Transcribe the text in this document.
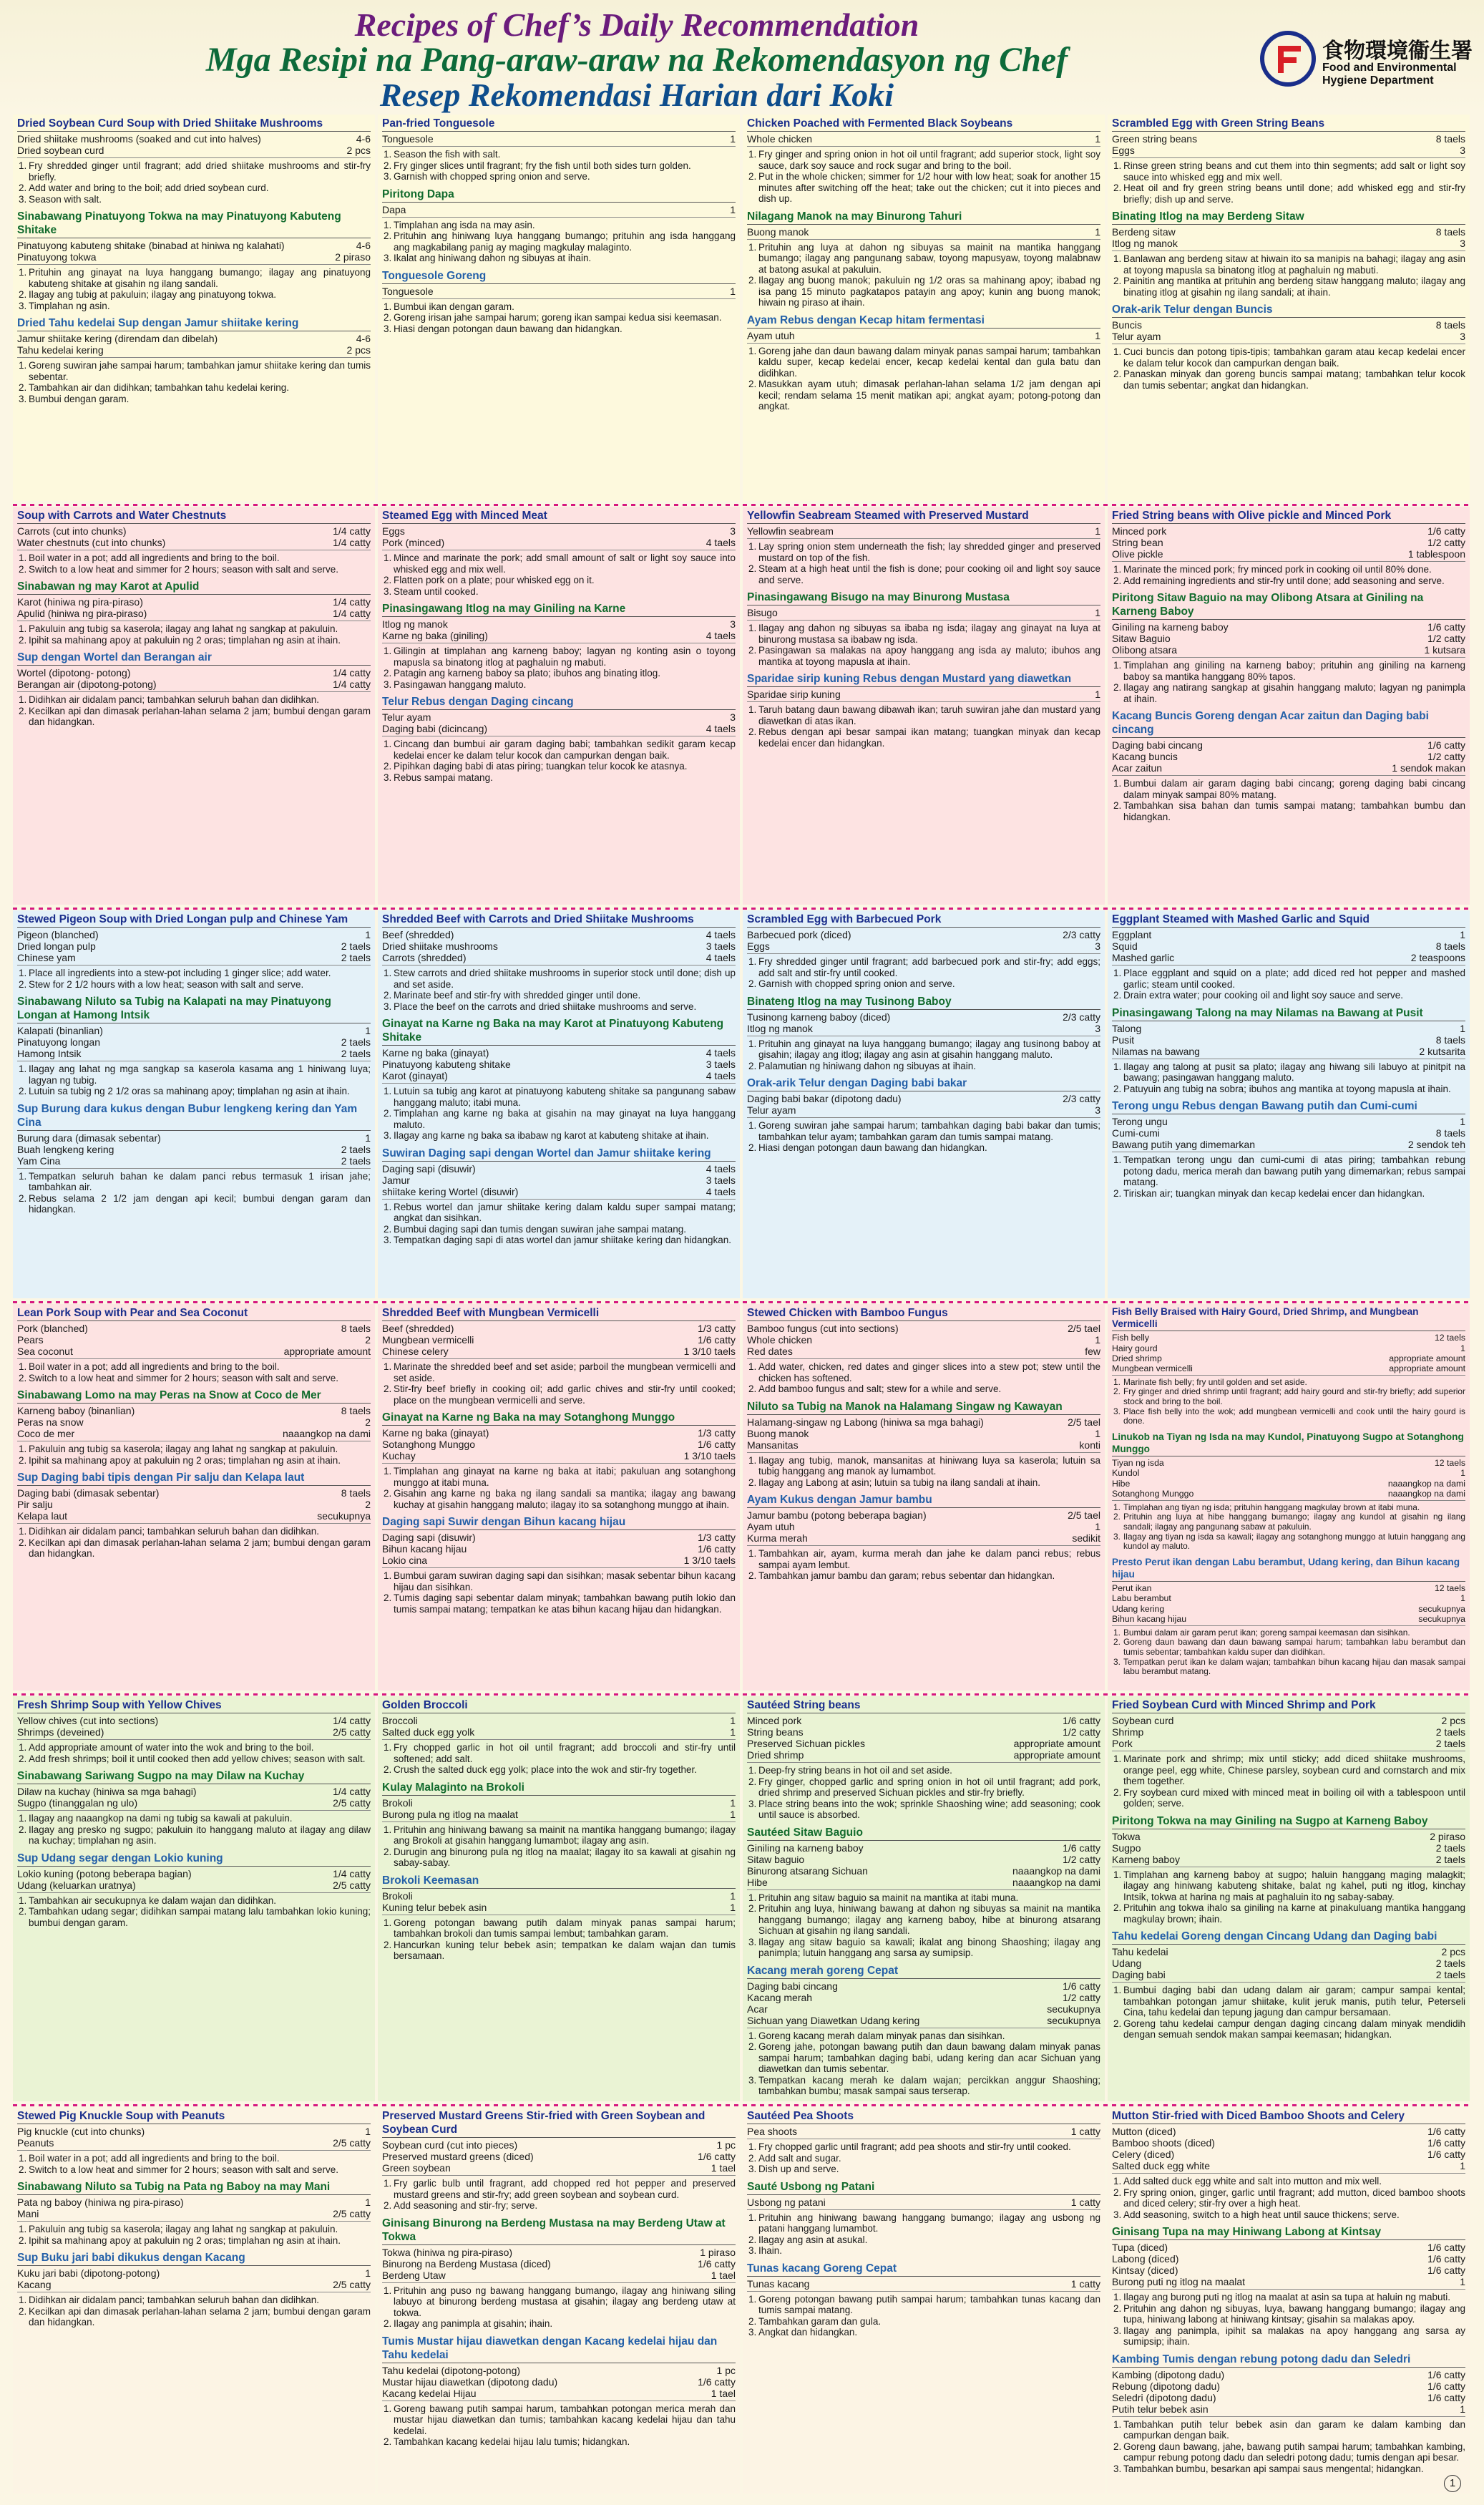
Recipes of Chef’s Daily Recommendation
Mga Resipi na Pang-araw-araw na Rekomendasyon ng Chef
Resep Rekomendasi Harian dari Koki
食物環境衞生署
Food and Environmental
Hygiene Department
Dried Soybean Curd Soup with Dried Shiitake Mushrooms
Dried shiitake mushrooms (soaked and cut into halves)	4-6
Dried soybean curd	2 pcs
1. Fry shredded ginger until fragrant; add dried shiitake mushrooms and stir-fry briefly.
2. Add water and bring to the boil; add dried soybean curd.
3. Season with salt.
Sinabawang Pinatuyong Tokwa na may Pinatuyong Kabuteng Shitake
Pinatuyong kabuteng shitake (binabad at hiniwa ng kalahati)	4-6
Pinatuyong tokwa	2 piraso
1. Prituhin ang ginayat na luya hanggang bumango; ilagay ang pinatuyong kabuteng shitake at gisahin ng ilang sandali.
2. Ilagay ang tubig at pakuluin; ilagay ang pinatuyong tokwa.
3. Timplahan ng asin.
Dried Tahu kedelai Sup dengan Jamur shiitake kering
Jamur shiitake kering (direndam dan dibelah)	4-6
Tahu kedelai kering	2 pcs
1. Goreng suwiran jahe sampai harum; tambahkan jamur shiitake kering dan tumis sebentar.
2. Tambahkan air dan didihkan; tambahkan tahu kedelai kering.
3. Bumbui dengan garam.
Pan-fried Tonguesole
Tonguesole	1
1. Season the fish with salt.
2. Fry ginger slices until fragrant; fry the fish until both sides turn golden.
3. Garnish with chopped spring onion and serve.
Piritong Dapa
Dapa	1
1. Timplahan ang isda na may asin.
2. Prituhin ang hiniwang luya hanggang bumango; prituhin ang isda hanggang ang magkabilang panig ay maging magkulay malaginto.
3. Ikalat ang hiniwang dahon ng sibuyas at ihain.
Tonguesole Goreng
Tonguesole	1
1. Bumbui ikan dengan garam.
2. Goreng irisan jahe sampai harum; goreng ikan sampai kedua sisi keemasan.
3. Hiasi dengan potongan daun bawang dan hidangkan.
Chicken Poached with Fermented Black Soybeans
Whole chicken	1
1. Fry ginger and spring onion in hot oil until fragrant; add superior stock, light soy sauce, dark soy sauce and rock sugar and bring to the boil.
2. Put in the whole chicken; simmer for 1/2 hour with low heat; soak for another 15 minutes after switching off the heat; take out the chicken; cut it into pieces and dish up.
Nilagang Manok na may Binurong Tahuri
Buong manok	1
1. Prituhin ang luya at dahon ng sibuyas sa mainit na mantika hanggang bumango; ilagay ang pangunang sabaw, toyong mapusyaw, toyong malabnaw at batong asukal at pakuluin.
2. Ilagay ang buong manok; pakuluin ng 1/2 oras sa mahinang apoy; ibabad ng isa pang 15 minuto pagkatapos patayin ang apoy; kunin ang buong manok; hiwain ng piraso at ihain.
Ayam Rebus dengan Kecap hitam fermentasi
Ayam utuh	1
1. Goreng jahe dan daun bawang dalam minyak panas sampai harum; tambahkan kaldu super, kecap kedelai encer, kecap kedelai kental dan gula batu dan didihkan.
2. Masukkan ayam utuh; dimasak perlahan-lahan selama 1/2 jam dengan api kecil; rendam selama 15 menit matikan api; angkat ayam; potong-potong dan angkat.
Scrambled Egg with Green String Beans
Green string beans	8 taels
Eggs	3
1. Rinse green string beans and cut them into thin segments; add salt or light soy sauce into whisked egg and mix well.
2. Heat oil and fry green string beans until done; add whisked egg and stir-fry briefly; dish up and serve.
Binating Itlog na may Berdeng Sitaw
Berdeng sitaw	8 taels
Itlog ng manok	3
1. Banlawan ang berdeng sitaw at hiwain ito sa manipis na bahagi; ilagay ang asin at toyong mapusla sa binatong itlog at paghaluin ng mabuti.
2. Painitin ang mantika at prituhin ang berdeng sitaw hanggang maluto; ilagay ang binating itlog at gisahin ng ilang sandali; at ihain.
Orak-arik Telur dengan Buncis
Buncis	8 taels
Telur ayam	3
1. Cuci buncis dan potong tipis-tipis; tambahkan garam atau kecap kedelai encer ke dalam telur kocok dan campurkan dengan baik.
2. Panaskan minyak dan goreng buncis sampai matang; tambahkan telur kocok dan tumis sebentar; angkat dan hidangkan.
Soup with Carrots and Water Chestnuts
Carrots (cut into chunks)	1/4 catty
Water chestnuts (cut into chunks)	1/4 catty
1. Boil water in a pot; add all ingredients and bring to the boil.
2. Switch to a low heat and simmer for 2 hours; season with salt and serve.
Sinabawan ng may Karot at Apulid
Karot (hiniwa ng pira-piraso)	1/4 catty
Apulid (hiniwa ng pira-piraso)	1/4 catty
1. Pakuluin ang tubig sa kaserola; ilagay ang lahat ng sangkap at pakuluin.
2. Ipihit sa mahinang apoy at pakuluin ng 2 oras; timplahan ng asin at ihain.
Sup dengan Wortel dan Berangan air
Wortel (dipotong- potong)	1/4 catty
Berangan air (dipotong-potong)	1/4 catty
1. Didihkan air didalam panci; tambahkan seluruh bahan dan didihkan.
2. Kecilkan api dan dimasak perlahan-lahan selama 2 jam; bumbui dengan garam dan hidangkan.
Steamed Egg with Minced Meat
Eggs	3
Pork (minced)	4 taels
1. Mince and marinate the pork; add small amount of salt or light soy sauce into whisked egg and mix well.
2. Flatten pork on a plate; pour whisked egg on it.
3. Steam until cooked.
Pinasingawang Itlog na may Giniling na Karne
Itlog ng manok	3
Karne ng baka (giniling)	4 taels
1. Gilingin at timplahan ang karneng baboy; lagyan ng konting asin o toyong mapusla sa binatong itlog at paghaluin ng mabuti.
2. Patagin ang karneng baboy sa plato; ibuhos ang binating itlog.
3. Pasingawan hanggang maluto.
Telur Rebus dengan Daging cincang
Telur ayam	3
Daging babi (dicincang)	4 taels
1. Cincang dan bumbui air garam daging babi; tambahkan sedikit garam kecap kedelai encer ke dalam telur kocok dan campurkan dengan baik.
2. Pipihkan daging babi di atas piring; tuangkan telur kocok ke atasnya.
3. Rebus sampai matang.
Yellowfin Seabream Steamed with Preserved Mustard
Yellowfin seabream	1
1. Lay spring onion stem underneath the fish; lay shredded ginger and preserved mustard on top of the fish.
2. Steam at a high heat until the fish is done; pour cooking oil and light soy sauce and serve.
Pinasingawang Bisugo na may Binurong Mustasa
Bisugo	1
1. Ilagay ang dahon ng sibuyas sa ibaba ng isda; ilagay ang ginayat na luya at binurong mustasa sa ibabaw ng isda.
2. Pasingawan sa malakas na apoy hanggang ang isda ay maluto; ibuhos ang mantika at toyong mapusla at ihain.
Sparidae sirip kuning Rebus dengan Mustard yang diawetkan
Sparidae sirip kuning	1
1. Taruh batang daun bawang dibawah ikan; taruh suwiran jahe dan mustard yang diawetkan di atas ikan.
2. Rebus dengan api besar sampai ikan matang; tuangkan minyak dan kecap kedelai encer dan hidangkan.
Fried String beans with Olive pickle and Minced Pork
Minced pork	1/6 catty
String bean	1/2 catty
Olive pickle	1 tablespoon
1. Marinate the minced pork; fry minced pork in cooking oil until 80% done.
2. Add remaining ingredients and stir-fry until done; add seasoning and serve.
Piritong Sitaw Baguio na may Olibong Atsara at Giniling na Karneng Baboy
Giniling na karneng baboy	1/6 catty
Sitaw Baguio	1/2 catty
Olibong atsara	1 kutsara
1. Timplahan ang giniling na karneng baboy; prituhin ang giniling na karneng baboy sa mantika hanggang 80% tapos.
2. Ilagay ang natirang sangkap at gisahin hanggang maluto; lagyan ng panimpla at ihain.
Kacang Buncis Goreng dengan Acar zaitun dan Daging babi cincang
Daging babi cincang	1/6 catty
Kacang buncis	1/2 catty
Acar zaitun	1 sendok makan
1. Bumbui dalam air garam daging babi cincang; goreng daging babi cincang dalam minyak sampai 80% matang.
2. Tambahkan sisa bahan dan tumis sampai matang; tambahkan bumbu dan hidangkan.
Stewed Pigeon Soup with Dried Longan pulp and Chinese Yam
Pigeon (blanched)	1
Dried longan pulp	2 taels
Chinese yam	2 taels
1. Place all ingredients into a stew-pot including 1 ginger slice; add water.
2. Stew for 2 1/2 hours with a low heat; season with salt and serve.
Sinabawang Niluto sa Tubig na Kalapati na may Pinatuyong Longan at Hamong Intsik
Kalapati (binanlian)	1
Pinatuyong longan	2 taels
Hamong Intsik	2 taels
1. Ilagay ang lahat ng mga sangkap sa kaserola kasama ang 1 hiniwang luya; lagyan ng tubig.
2. Lutuin sa tubig ng 2 1/2 oras sa mahinang apoy; timplahan ng asin at ihain.
Sup Burung dara kukus dengan Bubur lengkeng kering dan Yam Cina
Burung dara (dimasak sebentar)	1
Buah lengkeng kering	2 taels
Yam Cina	2 taels
1. Tempatkan seluruh bahan ke dalam panci rebus termasuk 1 irisan jahe; tambahkan air.
2. Rebus selama 2 1/2 jam dengan api kecil; bumbui dengan garam dan hidangkan.
Shredded Beef with Carrots and Dried Shiitake Mushrooms
Beef (shredded)	4 taels
Dried shiitake mushrooms	3 taels
Carrots (shredded)	4 taels
1. Stew carrots and dried shiitake mushrooms in superior stock until done; dish up and set aside.
2. Marinate beef and stir-fry with shredded ginger until done.
3. Place the beef on the carrots and dried shiitake mushrooms and serve.
Ginayat na Karne ng Baka na may Karot at Pinatuyong Kabuteng Shitake
Karne ng baka (ginayat)	4 taels
Pinatuyong kabuteng shitake	3 taels
Karot (ginayat)	4 taels
1. Lutuin sa tubig ang karot at pinatuyong kabuteng shitake sa pangunang sabaw hanggang maluto; itabi muna.
2. Timplahan ang karne ng baka at gisahin na may ginayat na luya hanggang maluto.
3. Ilagay ang karne ng baka sa ibabaw ng karot at kabuteng shitake at ihain.
Suwiran Daging sapi dengan Wortel dan Jamur shiitake kering
Daging sapi (disuwir)	4 taels
Jamur	3 taels
shiitake kering Wortel (disuwir)	4 taels
1. Rebus wortel dan jamur shiitake kering dalam kaldu super sampai matang; angkat dan sisihkan.
2. Bumbui daging sapi dan tumis dengan suwiran jahe sampai matang.
3. Tempatkan daging sapi di atas wortel dan jamur shiitake kering dan hidangkan.
Scrambled Egg with Barbecued Pork
Barbecued pork (diced)	2/3 catty
Eggs	3
1. Fry shredded ginger until fragrant; add barbecued pork and stir-fry; add eggs; add salt and stir-fry until cooked.
2. Garnish with chopped spring onion and serve.
Binateng Itlog na may Tusinong Baboy
Tusinong karneng baboy (diced)	2/3 catty
Itlog ng manok	3
1. Prituhin ang ginayat na luya hanggang bumango; ilagay ang tusinong baboy at gisahin; ilagay ang itlog; ilagay ang asin at gisahin hanggang maluto.
2. Palamutian ng hiniwang dahon ng sibuyas at ihain.
Orak-arik Telur dengan Daging babi bakar
Daging babi bakar (dipotong dadu)	2/3 catty
Telur ayam	3
1. Goreng suwiran jahe sampai harum; tambahkan daging babi bakar dan tumis; tambahkan telur ayam; tambahkan garam dan tumis sampai matang.
2. Hiasi dengan potongan daun bawang dan hidangkan.
Eggplant Steamed with Mashed Garlic and Squid
Eggplant	1
Squid	8 taels
Mashed garlic	2 teaspoons
1. Place eggplant and squid on a plate; add diced red hot pepper and mashed garlic; steam until cooked.
2. Drain extra water; pour cooking oil and light soy sauce and serve.
Pinasingawang Talong na may Nilamas na Bawang at Pusit
Talong	1
Pusit	8 taels
Nilamas na bawang	2 kutsarita
1. Ilagay ang talong at pusit sa plato; ilagay ang hiwang sili labuyo at pinitpit na bawang; pasingawan hanggang maluto.
2. Patuyuin ang tubig na sobra; ibuhos ang mantika at toyong mapusla at ihain.
Terong ungu Rebus dengan Bawang putih dan Cumi-cumi
Terong ungu	1
Cumi-cumi	8 taels
Bawang putih yang dimemarkan	2 sendok teh
1. Tempatkan terong ungu dan cumi-cumi di atas piring; tambahkan rebung potong dadu, merica merah dan bawang putih yang dimemarkan; rebus sampai matang.
2. Tiriskan air; tuangkan minyak dan kecap kedelai encer dan hidangkan.
Lean Pork Soup with Pear and Sea Coconut
Pork (blanched)	8 taels
Pears	2
Sea coconut	appropriate amount
1. Boil water in a pot; add all ingredients and bring to the boil.
2. Switch to a low heat and simmer for 2 hours; season with salt and serve.
Sinabawang Lomo na may Peras na Snow at Coco de Mer
Karneng baboy (binanlian)	8 taels
Peras na snow	2
Coco de mer	naaangkop na dami
1. Pakuluin ang tubig sa kaserola; ilagay ang lahat ng sangkap at pakuluin.
2. Ipihit sa mahinang apoy at pakuluin ng 2 oras; timplahan ng asin at ihain.
Sup Daging babi tipis dengan Pir salju dan Kelapa laut
Daging babi (dimasak sebentar)	8 taels
Pir salju	2
Kelapa laut	secukupnya
1. Didihkan air didalam panci; tambahkan seluruh bahan dan didihkan.
2. Kecilkan api dan dimasak perlahan-lahan selama 2 jam; bumbui dengan garam dan hidangkan.
Shredded Beef with Mungbean Vermicelli
Beef (shredded)	1/3 catty
Mungbean vermicelli	1/6 catty
Chinese celery	1 3/10 taels
1. Marinate the shredded beef and set aside; parboil the mungbean vermicelli and set aside.
2. Stir-fry beef briefly in cooking oil; add garlic chives and stir-fry until cooked; place on the mungbean vermicelli and serve.
Ginayat na Karne ng Baka na may Sotanghong Munggo
Karne ng baka (ginayat)	1/3 catty
Sotanghong Munggo	1/6 catty
Kuchay	1 3/10 taels
1. Timplahan ang ginayat na karne ng baka at itabi; pakuluan ang sotanghong munggo at itabi muna.
2. Gisahin ang karne ng baka ng ilang sandali sa mantika; ilagay ang bawang kuchay at gisahin hanggang maluto; ilagay ito sa sotanghong munggo at ihain.
Daging sapi Suwir dengan Bihun kacang hijau
Daging sapi (disuwir)	1/3 catty
Bihun kacang hijau	1/6 catty
Lokio cina	1 3/10 taels
1. Bumbui garam suwiran daging sapi dan sisihkan; masak sebentar bihun kacang hijau dan sisihkan.
2. Tumis daging sapi sebentar dalam minyak; tambahkan bawang putih lokio dan tumis sampai matang; tempatkan ke atas bihun kacang hijau dan hidangkan.
Stewed Chicken with Bamboo Fungus
Bamboo fungus (cut into sections)	2/5 tael
Whole chicken	1
Red dates	few
1. Add water, chicken, red dates and ginger slices into a stew pot; stew until the chicken has softened.
2. Add bamboo fungus and salt; stew for a while and serve.
Niluto sa Tubig na Manok na Halamang Singaw ng Kawayan
Halamang-singaw ng Labong (hiniwa sa mga bahagi)	2/5 tael
Buong manok	1
Mansanitas	konti
1. Ilagay ang tubig, manok, mansanitas at hiniwang luya sa kaserola; lutuin sa tubig hanggang ang manok ay lumambot.
2. Ilagay ang Labong at asin; lutuin sa tubig na ilang sandali at ihain.
Ayam Kukus dengan Jamur bambu
Jamur bambu (potong beberapa bagian)	2/5 tael
Ayam utuh	1
Kurma merah	sedikit
1. Tambahkan air, ayam, kurma merah dan jahe ke dalam panci rebus; rebus sampai ayam lembut.
2. Tambahkan jamur bambu dan garam; rebus sebentar dan hidangkan.
Fish Belly Braised with Hairy Gourd, Dried Shrimp, and Mungbean Vermicelli
Fish belly	12 taels
Hairy gourd	1
Dried shrimp	appropriate amount
Mungbean vermicelli	appropriate amount
1. Marinate fish belly; fry until golden and set aside.
2. Fry ginger and dried shrimp until fragrant; add hairy gourd and stir-fry briefly; add superior stock and bring to the boil.
3. Place fish belly into the wok; add mungbean vermicelli and cook until the hairy gourd is done.
Linukob na Tiyan ng Isda na may Kundol, Pinatuyong Sugpo at Sotanghong Munggo
Tiyan ng isda	12 taels
Kundol	1
Hibe	naaangkop na dami
Sotanghong Munggo	naaangkop na dami
1. Timplahan ang tiyan ng isda; prituhin hanggang magkulay brown at itabi muna.
2. Prituhin ang luya at hibe hanggang bumango; ilagay ang kundol at gisahin ng ilang sandali; ilagay ang pangunang sabaw at pakuluin.
3. Ilagay ang tiyan ng isda sa kawali; ilagay ang sotanghong munggo at lutuin hanggang ang kundol ay maluto.
Presto Perut ikan dengan Labu berambut, Udang kering, dan Bihun kacang hijau
Perut ikan	12 taels
Labu berambut	1
Udang kering	secukupnya
Bihun kacang hijau	secukupnya
1. Bumbui dalam air garam perut ikan; goreng sampai keemasan dan sisihkan.
2. Goreng daun bawang dan daun bawang sampai harum; tambahkan labu berambut dan tumis sebentar; tambahkan kaldu super dan didihkan.
3. Tempatkan perut ikan ke dalam wajan; tambahkan bihun kacang hijau dan masak sampai labu berambut matang.
Fresh Shrimp Soup with Yellow Chives
Yellow chives (cut into sections)	1/4 catty
Shrimps (deveined)	2/5 catty
1. Add appropriate amount of water into the wok and bring to the boil.
2. Add fresh shrimps; boil it until cooked then add yellow chives; season with salt.
Sinabawang Sariwang Sugpo na may Dilaw na Kuchay
Dilaw na kuchay (hiniwa sa mga bahagi)	1/4 catty
Sugpo (tinanggalan ng ulo)	2/5 catty
1. Ilagay ang naaangkop na dami ng tubig sa kawali at pakuluin.
2. Ilagay ang presko ng sugpo; pakuluin ito hanggang maluto at ilagay ang dilaw na kuchay; timplahan ng asin.
Sup Udang segar dengan Lokio kuning
Lokio kuning (potong beberapa bagian)	1/4 catty
Udang (keluarkan uratnya)	2/5 catty
1. Tambahkan air secukupnya ke dalam wajan dan didihkan.
2. Tambahkan udang segar; didihkan sampai matang lalu tambahkan lokio kuning; bumbui dengan garam.
Golden Broccoli
Broccoli	1
Salted duck egg yolk	1
1. Fry chopped garlic in hot oil until fragrant; add broccoli and stir-fry until softened; add salt.
2. Crush the salted duck egg yolk; place into the wok and stir-fry together.
Kulay Malaginto na Brokoli
Brokoli	1
Burong pula ng itlog na maalat	1
1. Prituhin ang hiniwang bawang sa mainit na mantika hanggang bumango; ilagay ang Brokoli at gisahin hanggang lumambot; ilagay ang asin.
2. Durugin ang binurong pula ng itlog na maalat; ilagay ito sa kawali at gisahin ng sabay-sabay.
Brokoli Keemasan
Brokoli	1
Kuning telur bebek asin	1
1. Goreng potongan bawang putih dalam minyak panas sampai harum; tambahkan brokoli dan tumis sampai lembut; tambahkan garam.
2. Hancurkan kuning telur bebek asin; tempatkan ke dalam wajan dan tumis bersamaan.
Sautéed String beans
Minced pork	1/6 catty
String beans	1/2 catty
Preserved Sichuan pickles	appropriate amount
Dried shrimp	appropriate amount
1. Deep-fry string beans in hot oil and set aside.
2. Fry ginger, chopped garlic and spring onion in hot oil until fragrant; add pork, dried shrimp and preserved Sichuan pickles and stir-fry briefly.
3. Place string beans into the wok; sprinkle Shaoshing wine; add seasoning; cook until sauce is absorbed.
Sautéed Sitaw Baguio
Giniling na karneng baboy	1/6 catty
Sitaw baguio	1/2 catty
Binurong atsarang Sichuan	naaangkop na dami
Hibe	naaangkop na dami
1. Prituhin ang sitaw baguio sa mainit na mantika at itabi muna.
2. Prituhin ang luya, hiniwang bawang at dahon ng sibuyas sa mainit na mantika hanggang bumango; ilagay ang karneng baboy, hibe at binurong atsarang Sichuan at gisahin ng ilang sandali.
3. Ilagay ang sitaw baguio sa kawali; ikalat ang binong Shaoshing; ilagay ang panimpla; lutuin hanggang ang sarsa ay sumipsip.
Kacang merah goreng Cepat
Daging babi cincang	1/6 catty
Kacang merah	1/2 catty
Acar	secukupnya
Sichuan yang Diawetkan Udang kering	secukupnya
1. Goreng kacang merah dalam minyak panas dan sisihkan.
2. Goreng jahe, potongan bawang putih dan daun bawang dalam minyak panas sampai harum; tambahkan daging babi, udang kering dan acar Sichuan yang diawetkan dan tumis sebentar.
3. Tempatkan kacang merah ke dalam wajan; percikkan anggur Shaoshing; tambahkan bumbu; masak sampai saus terserap.
Fried Soybean Curd with Minced Shrimp and Pork
Soybean curd	2 pcs
Shrimp	2 taels
Pork	2 taels
1. Marinate pork and shrimp; mix until sticky; add diced shiitake mushrooms, orange peel, egg white, Chinese parsley, soybean curd and cornstarch and mix them together.
2. Fry soybean curd mixed with minced meat in boiling oil with a tablespoon until golden; serve.
Piritong Tokwa na may Giniling na Sugpo at Karneng Baboy
Tokwa	2 piraso
Sugpo	2 taels
Karneng baboy	2 taels
1. Timplahan ang karneng baboy at sugpo; haluin hanggang maging malagkit; ilagay ang hiniwang kabuteng shitake, balat ng kahel, puti ng itlog, kinchay Intsik, tokwa at harina ng mais at paghaluin ito ng sabay-sabay.
2. Prituhin ang tokwa ihalo sa giniling na karne at pinakuluang mantika hanggang magkulay brown; ihain.
Tahu kedelai Goreng dengan Cincang Udang dan Daging babi
Tahu kedelai	2 pcs
Udang	2 taels
Daging babi	2 taels
1. Bumbui daging babi dan udang dalam air garam; campur sampai kental; tambahkan potongan jamur shiitake, kulit jeruk manis, putih telur, Peterseli Cina, tahu kedelai dan tepung jagung dan campur bersamaan.
2. Goreng tahu kedelai campur dengan daging cincang dalam minyak mendidih dengan semuah sendok makan sampai keemasan; hidangkan.
Stewed Pig Knuckle Soup with Peanuts
Pig knuckle (cut into chunks)	1
Peanuts	2/5 catty
1. Boil water in a pot; add all ingredients and bring to the boil.
2. Switch to a low heat and simmer for 2 hours; season with salt and serve.
Sinabawang Niluto sa Tubig na Pata ng Baboy na may Mani
Pata ng baboy (hiniwa ng pira-piraso)	1
Mani	2/5 catty
1. Pakuluin ang tubig sa kaserola; ilagay ang lahat ng sangkap at pakuluin.
2. Ipihit sa mahinang apoy at pakuluin ng 2 oras; timplahan ng asin at ihain.
Sup Buku jari babi dikukus dengan Kacang
Kuku jari babi (dipotong-potong)	1
Kacang	2/5 catty
1. Didihkan air didalam panci; tambahkan seluruh bahan dan didihkan.
2. Kecilkan api dan dimasak perlahan-lahan selama 2 jam; bumbui dengan garam dan hidangkan.
Preserved Mustard Greens Stir-fried with Green Soybean and Soybean Curd
Soybean curd (cut into pieces)	1 pc
Preserved mustard greens (diced)	1/6 catty
Green soybean	1 tael
1. Fry garlic bulb until fragrant, add chopped red hot pepper and preserved mustard greens and stir-fry; add green soybean and soybean curd.
2. Add seasoning and stir-fry; serve.
Ginisang Binurong na Berdeng Mustasa na may Berdeng Utaw at Tokwa
Tokwa (hiniwa ng pira-piraso)	1 piraso
Binurong na Berdeng Mustasa (diced)	1/6 catty
Berdeng Utaw	1 tael
1. Prituhin ang puso ng bawang hanggang bumango, ilagay ang hiniwang siling labuyo at binurong berdeng mustasa at gisahin; ilagay ang berdeng utaw at tokwa.
2. Ilagay ang panimpla at gisahin; ihain.
Tumis Mustar hijau diawetkan dengan Kacang kedelai hijau dan Tahu kedelai
Tahu kedelai (dipotong-potong)	1 pc
Mustar hijau diawetkan (dipotong dadu)	1/6 catty
Kacang kedelai Hijau	1 tael
1. Goreng bawang putih sampai harum, tambahkan potongan merica merah dan mustar hijau diawetkan dan tumis; tambahkan kacang kedelai hijau dan tahu kedelai.
2. Tambahkan kacang kedelai hijau lalu tumis; hidangkan.
Sautéed Pea Shoots
Pea shoots	1 catty
1. Fry chopped garlic until fragrant; add pea shoots and stir-fry until cooked.
2. Add salt and sugar.
3. Dish up and serve.
Sauté Usbong ng Patani
Usbong ng patani	1 catty
1. Prituhin ang hiniwang bawang hanggang bumango; ilagay ang usbong ng patani hanggang lumambot.
2. Ilagay ang asin at asukal.
3. Ihain.
Tunas kacang Goreng Cepat
Tunas kacang	1 catty
1. Goreng potongan bawang putih sampai harum; tambahkan tunas kacang dan tumis sampai matang.
2. Tambahkan garam dan gula.
3. Angkat dan hidangkan.
Mutton Stir-fried with Diced Bamboo Shoots and Celery
Mutton (diced)	1/6 catty
Bamboo shoots (diced)	1/6 catty
Celery (diced)	1/6 catty
Salted duck egg white	1
1. Add salted duck egg white and salt into mutton and mix well.
2. Fry spring onion, ginger, garlic until fragrant; add mutton, diced bamboo shoots and diced celery; stir-fry over a high heat.
3. Add seasoning, switch to a high heat until sauce thickens; serve.
Ginisang Tupa na may Hiniwang Labong at Kintsay
Tupa (diced)	1/6 catty
Labong (diced)	1/6 catty
Kintsay (diced)	1/6 catty
Burong puti ng itlog na maalat	1
1. Ilagay ang burong puti ng itlog na maalat at asin sa tupa at haluin ng mabuti.
2. Prituhin ang dahon ng sibuyas, luya, bawang hanggang bumango; ilagay ang tupa, hiniwang labong at hiniwang kintsay; gisahin sa malakas apoy.
3. Ilagay ang panimpla, ipihit sa malakas na apoy hanggang ang sarsa ay sumipsip; ihain.
Kambing Tumis dengan rebung potong dadu dan Seledri
Kambing (dipotong dadu)	1/6 catty
Rebung (dipotong dadu)	1/6 catty
Seledri (dipotong dadu)	1/6 catty
Putih telur bebek asin	1
1. Tambahkan putih telur bebek asin dan garam ke dalam kambing dan campurkan dengan baik.
2. Goreng daun bawang, jahe, bawang putih sampai harum; tambahkan kambing, campur rebung potong dadu dan seledri potong dadu; tumis dengan api besar.
3. Tambahkan bumbu, besarkan api sampai saus mengental; hidangkan.
1
